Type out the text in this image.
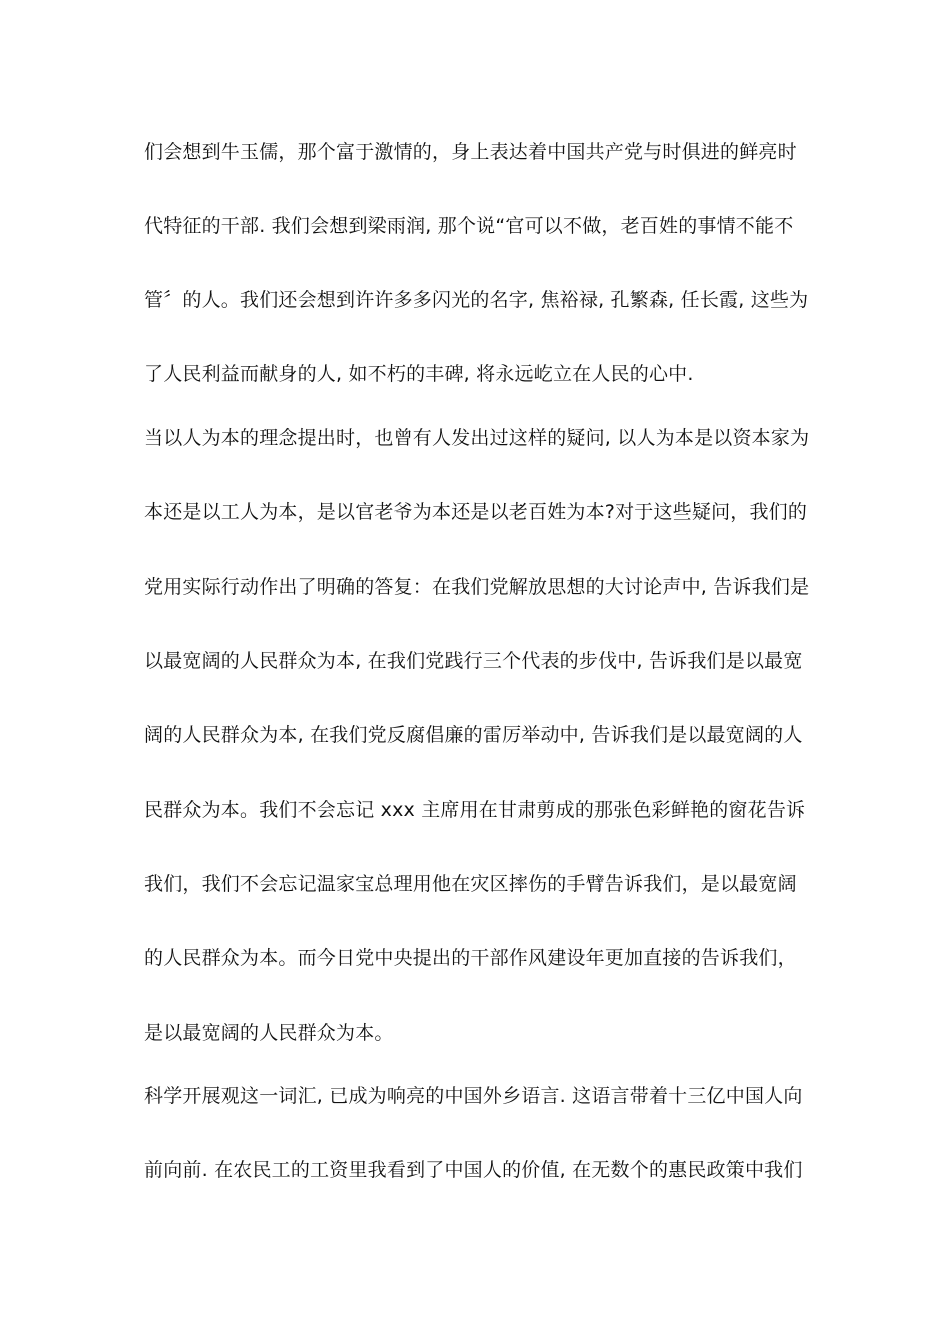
们会想到牛玉儒，那个富于激情的，身上表达着中国共产党与时俱进的鲜亮时
代特征的干部. 我们会想到梁雨润, 那个说“官可以不做，老百姓的事情不能不
管〞的人。我们还会想到许许多多闪光的名字, 焦裕禄, 孔繁森, 任长霞, 这些为
了人民利益而献身的人, 如不朽的丰碑, 将永远屹立在人民的心中.
当以人为本的理念提出时，也曾有人发出过这样的疑问, 以人为本是以资本家为
本还是以工人为本，是以官老爷为本还是以老百姓为本?对于这些疑问，我们的
党用实际行动作出了明确的答复：在我们党解放思想的大讨论声中, 告诉我们是
以最宽阔的人民群众为本, 在我们党践行三个代表的步伐中, 告诉我们是以最宽
阔的人民群众为本, 在我们党反腐倡廉的雷厉举动中, 告诉我们是以最宽阔的人
民群众为本。我们不会忘记 xxx 主席用在甘肃剪成的那张色彩鲜艳的窗花告诉
我们，我们不会忘记温家宝总理用他在灾区摔伤的手臂告诉我们，是以最宽阔
的人民群众为本。而今日党中央提出的干部作风建设年更加直接的告诉我们，
是以最宽阔的人民群众为本。
科学开展观这一词汇, 已成为响亮的中国外乡语言. 这语言带着十三亿中国人向
前向前. 在农民工的工资里我看到了中国人的价值, 在无数个的惠民政策中我们
